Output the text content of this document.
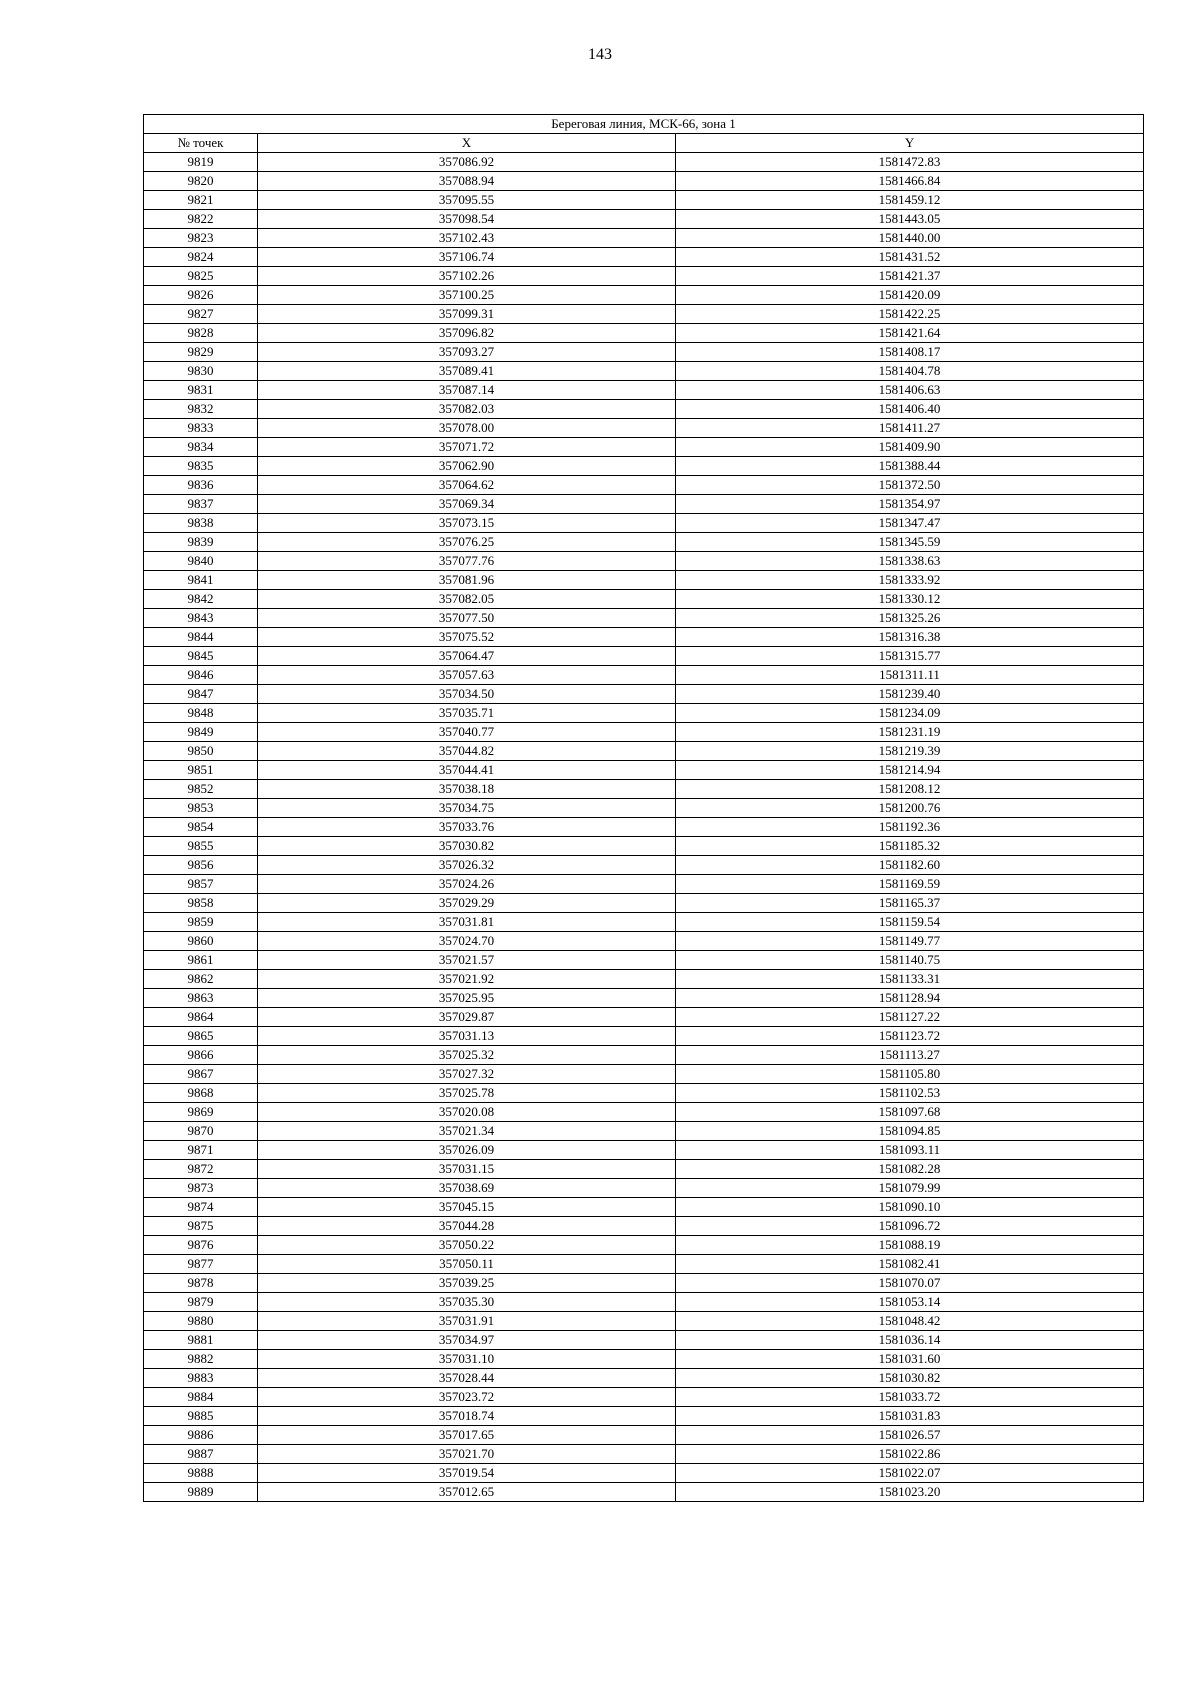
143
Береговая линия, МСК-66, зона 1		
№ точек	X	Y
9819	357086.92	1581472.83
9820	357088.94	1581466.84
9821	357095.55	1581459.12
9822	357098.54	1581443.05
9823	357102.43	1581440.00
9824	357106.74	1581431.52
9825	357102.26	1581421.37
9826	357100.25	1581420.09
9827	357099.31	1581422.25
9828	357096.82	1581421.64
9829	357093.27	1581408.17
9830	357089.41	1581404.78
9831	357087.14	1581406.63
9832	357082.03	1581406.40
9833	357078.00	1581411.27
9834	357071.72	1581409.90
9835	357062.90	1581388.44
9836	357064.62	1581372.50
9837	357069.34	1581354.97
9838	357073.15	1581347.47
9839	357076.25	1581345.59
9840	357077.76	1581338.63
9841	357081.96	1581333.92
9842	357082.05	1581330.12
9843	357077.50	1581325.26
9844	357075.52	1581316.38
9845	357064.47	1581315.77
9846	357057.63	1581311.11
9847	357034.50	1581239.40
9848	357035.71	1581234.09
9849	357040.77	1581231.19
9850	357044.82	1581219.39
9851	357044.41	1581214.94
9852	357038.18	1581208.12
9853	357034.75	1581200.76
9854	357033.76	1581192.36
9855	357030.82	1581185.32
9856	357026.32	1581182.60
9857	357024.26	1581169.59
9858	357029.29	1581165.37
9859	357031.81	1581159.54
9860	357024.70	1581149.77
9861	357021.57	1581140.75
9862	357021.92	1581133.31
9863	357025.95	1581128.94
9864	357029.87	1581127.22
9865	357031.13	1581123.72
9866	357025.32	1581113.27
9867	357027.32	1581105.80
9868	357025.78	1581102.53
9869	357020.08	1581097.68
9870	357021.34	1581094.85
9871	357026.09	1581093.11
9872	357031.15	1581082.28
9873	357038.69	1581079.99
9874	357045.15	1581090.10
9875	357044.28	1581096.72
9876	357050.22	1581088.19
9877	357050.11	1581082.41
9878	357039.25	1581070.07
9879	357035.30	1581053.14
9880	357031.91	1581048.42
9881	357034.97	1581036.14
9882	357031.10	1581031.60
9883	357028.44	1581030.82
9884	357023.72	1581033.72
9885	357018.74	1581031.83
9886	357017.65	1581026.57
9887	357021.70	1581022.86
9888	357019.54	1581022.07
9889	357012.65	1581023.20
